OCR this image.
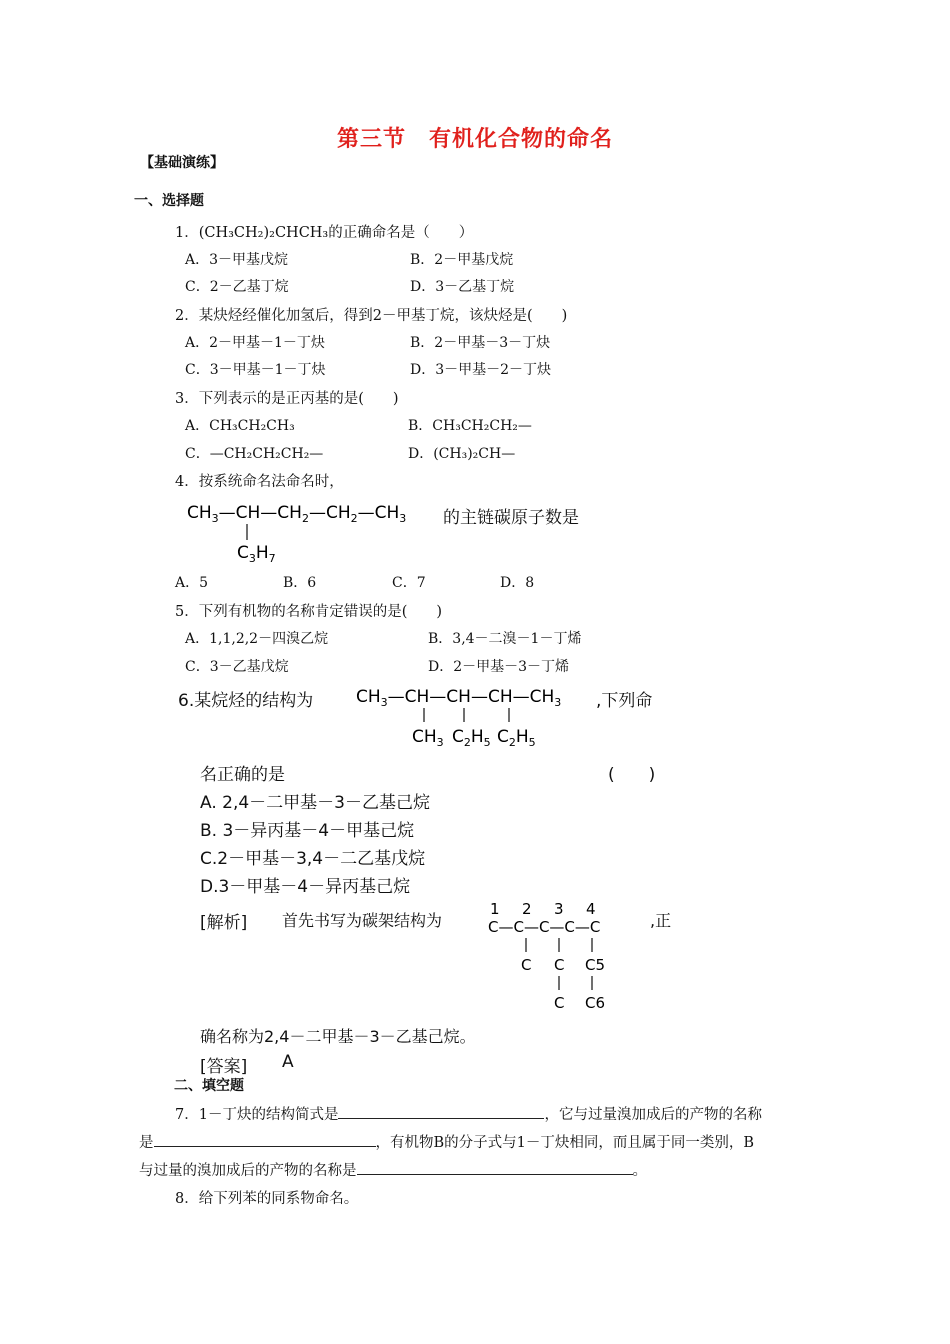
第三节　有机化合物的命名
【基础演练】
一、选择题
1．(CH₃CH₂)₂CHCH₃的正确命名是（　　）
A．3－甲基戊烷	B．2－甲基戊烷
C．2－乙基丁烷	D．3－乙基丁烷
2．某炔烃经催化加氢后，得到2－甲基丁烷，该炔烃是(　　)
A．2－甲基－1－丁炔	B．2－甲基－3－丁炔
C．3－甲基－1－丁炔	D．3－甲基－2－丁炔
3．下列表示的是正丙基的是(　　)
A．CH₃CH₂CH₃	B．CH₃CH₂CH₂—
C．—CH₂CH₂CH₂—	D．(CH₃)₂CH—
4．按系统命名法命名时，
$CH_3—CH—CH_2—CH_2—CH_3$
$C_3H_7$
的主链碳原子数是
A．5	B．6	C．7	D．8
5．下列有机物的名称肯定错误的是(　　)
A．1,1,2,2－四溴乙烷	B．3,4－二溴－1－丁烯
C．3－乙基戊烷	D．2－甲基－3－丁烯
6.某烷烃的结构为	$CH_3—CH—CH—CH—CH_3$
$CH_3$ $C_2H_5$ $C_2H_5$
,下列命
名正确的是	(　　)
A. 2,4－二甲基－3－乙基己烷
B. 3－异丙基－4－甲基己烷
C.2－甲基－3,4－二乙基戊烷
D.3－甲基－4－异丙基己烷
[解析] 首先书写为碳架结构为
1 2 3 4
C—C—C—C—C
C C C5
C C6
,正
确名称为2,4－二甲基－3－乙基己烷。
[答案] A
二、填空题
7．1－丁炔的结构简式是	，它与过量溴加成后的产物的名称
是	，有机物B的分子式与1－丁炔相同，而且属于同一类别，B
与过量的溴加成后的产物的名称是	。
8．给下列苯的同系物命名。
